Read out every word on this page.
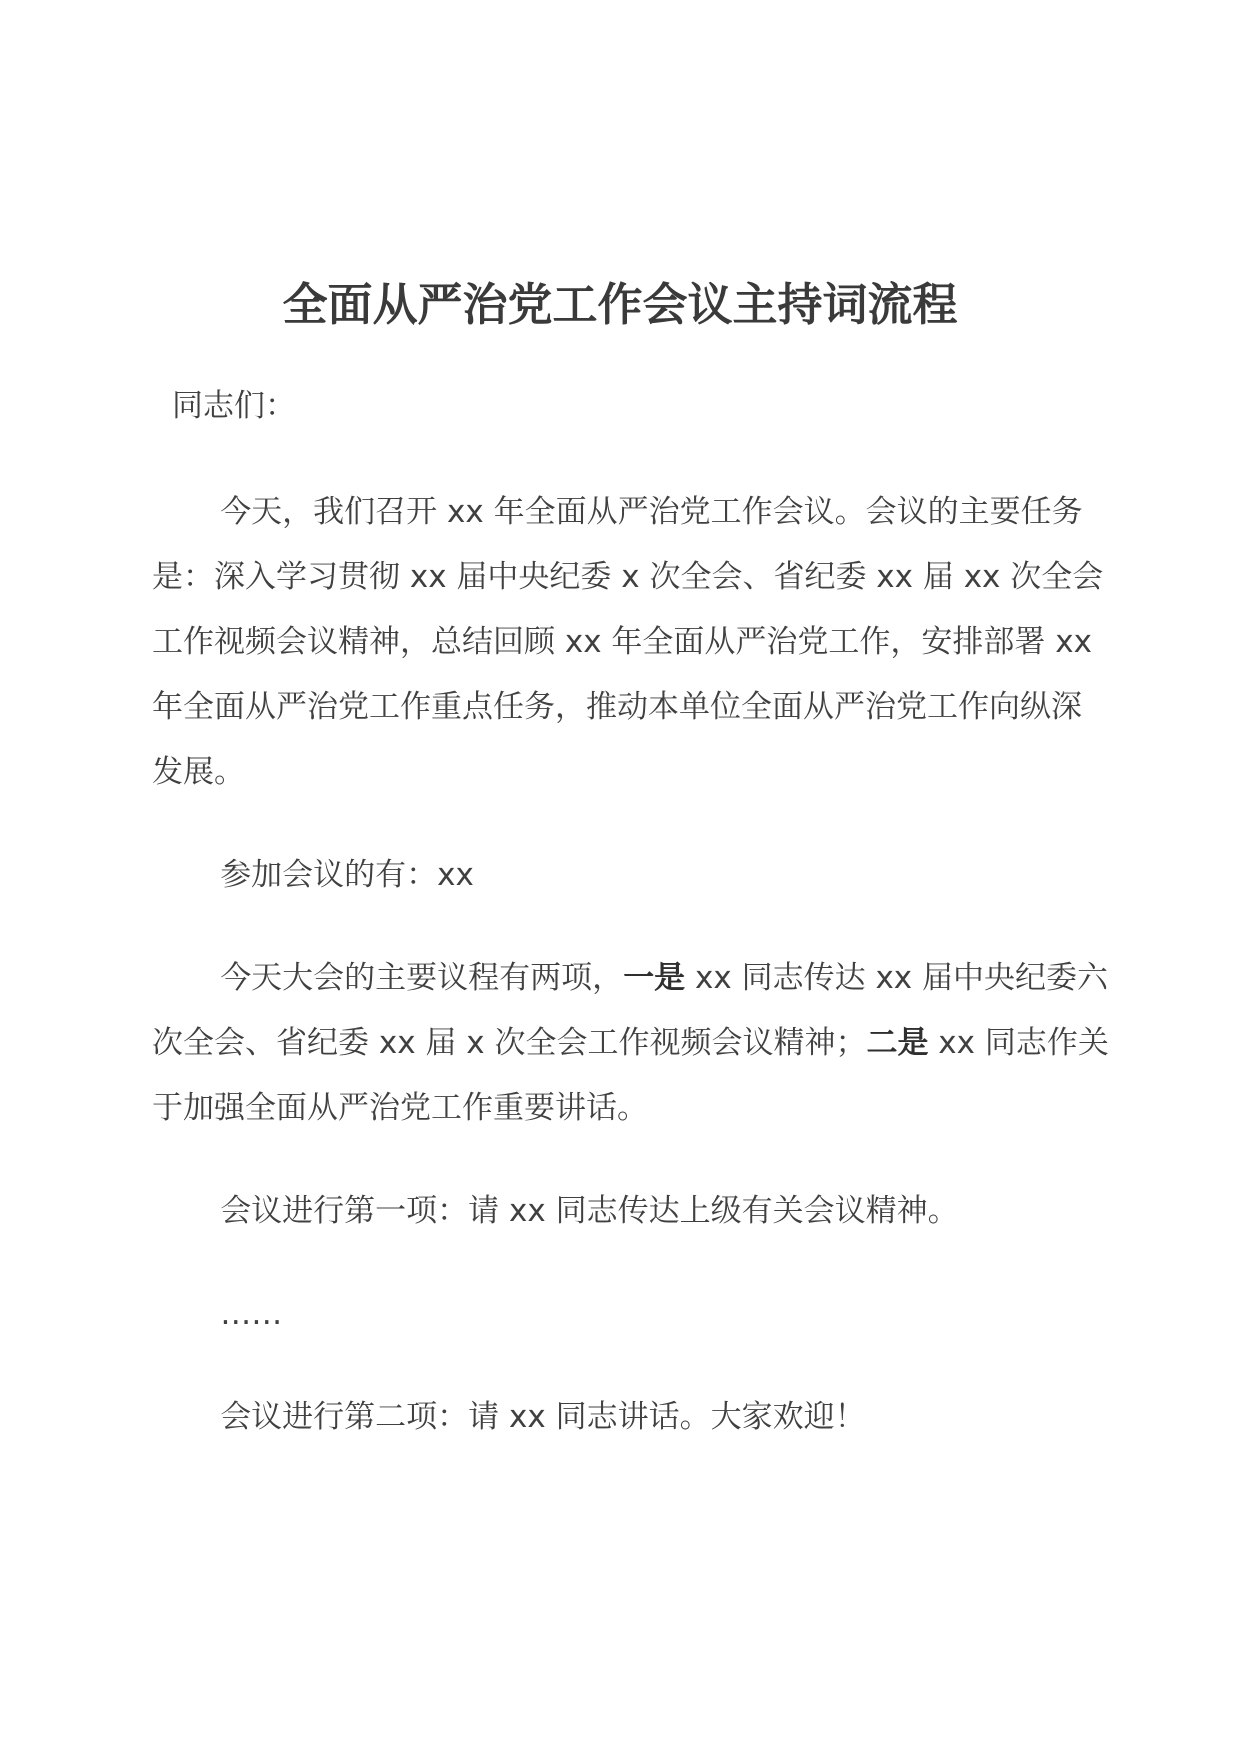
全面从严治党工作会议主持词流程

同志们：

今天，我们召开 xx 年全面从严治党工作会议。会议的主要任务是：深入学习贯彻 xx 届中央纪委 x 次全会、省纪委 xx 届 xx 次全会工作视频会议精神，总结回顾 xx 年全面从严治党工作，安排部署 xx 年全面从严治党工作重点任务，推动本单位全面从严治党工作向纵深发展。

参加会议的有：xx

今天大会的主要议程有两项，一是 xx 同志传达 xx 届中央纪委六次全会、省纪委 xx 届 x 次全会工作视频会议精神；二是 xx 同志作关于加强全面从严治党工作重要讲话。

会议进行第一项：请 xx 同志传达上级有关会议精神。

……

会议进行第二项：请 xx 同志讲话。大家欢迎！
